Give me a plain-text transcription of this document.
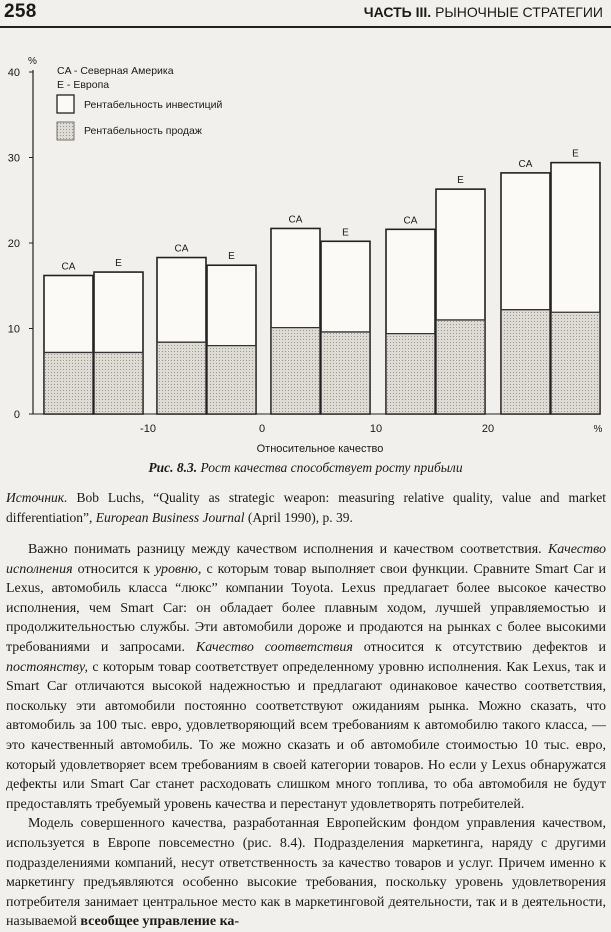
258	ЧАСТЬ III. РЫНОЧНЫЕ СТРАТЕГИИ
%
0
10
20
30
40
-10	0	10	20	%
Относительное качество
CA	E
CA
E
CA
E
CA
E
CA
E
CA - Северная Америка
E - Европа
Рентабельность инвестиций
Рентабельность продаж
Рис. 8.3. Рост качества способствует росту прибыли
Источник. Bob Luchs, “Quality as strategic weapon: measuring relative quality, value and market differentiation”, European Business Journal (April 1990), p. 39.

Важно понимать разницу между качеством исполнения и качеством соответствия. Качество исполнения относится к уровню, с которым товар выполняет свои функции. Сравните Smart Car и Lexus, автомобиль класса “люкс” компании Toyota. Lexus предлагает более высокое качество исполнения, чем Smart Car: он обладает более плавным ходом, лучшей управляемостью и продолжительностью службы. Эти автомобили дороже и продаются на рынках с более высокими требованиями и запросами. Качество соответствия относится к отсутствию дефектов и постоянству, с которым товар соответствует определенному уровню исполнения. Как Lexus, так и Smart Car отличаются высокой надежностью и предлагают одинаковое качество соответствия, поскольку эти автомобили постоянно соответствуют ожиданиям рынка. Можно сказать, что автомобиль за 100 тыс. евро, удовлетворяющий всем требованиям к автомобилю такого класса, — это качественный автомобиль. То же можно сказать и об автомобиле стоимостью 10 тыс. евро, который удовлетворяет всем требованиям в своей категории товаров. Но если у Lexus обнаружатся дефекты или Smart Car станет расходовать слишком много топлива, то оба автомобиля не будут предоставлять требуемый уровень качества и перестанут удовлетворять потребителей.

Модель совершенного качества, разработанная Европейским фондом управления качеством, используется в Европе повсеместно (рис. 8.4). Подразделения маркетинга, наряду с другими подразделениями компаний, несут ответственность за качество товаров и услуг. Причем именно к маркетингу предъявляются особенно высокие требования, поскольку уровень удовлетворения потребителя занимает центральное место как в маркетинговой деятельности, так и в деятельности, называемой всеобщее управление ка-
